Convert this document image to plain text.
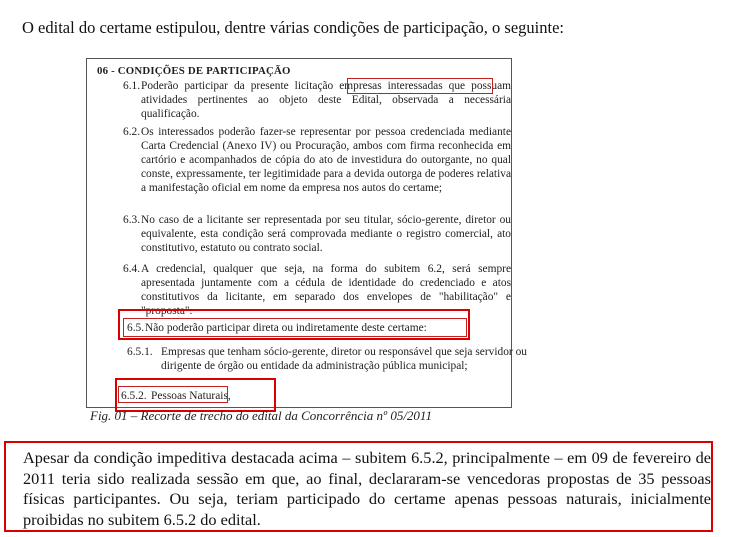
O edital do certame estipulou, dentre várias condições de participação, o seguinte:
06 - CONDIÇÕES DE PARTICIPAÇÃO
6.1. Poderão participar da presente licitação empresas interessadas que possuam atividades pertinentes ao objeto deste Edital, observada a necessária qualificação.
6.2. Os interessados poderão fazer-se representar por pessoa credenciada mediante Carta Credencial (Anexo IV) ou Procuração, ambos com firma reconhecida em cartório e acompanhados de cópia do ato de investidura do outorgante, no qual conste, expressamente, ter legitimidade para a devida outorga de poderes relativa a manifestação oficial em nome da empresa nos autos do certame;
6.3. No caso de a licitante ser representada por seu titular, sócio-gerente, diretor ou equivalente, esta condição será comprovada mediante o registro comercial, ato constitutivo, estatuto ou contrato social.
6.4. A credencial, qualquer que seja, na forma do subitem 6.2, será sempre apresentada juntamente com a cédula de identidade do credenciado e atos constitutivos da licitante, em separado dos envelopes de "habilitação" e "proposta".
6.5. Não poderão participar direta ou indiretamente deste certame:
6.5.1. Empresas que tenham sócio-gerente, diretor ou responsável que seja servidor ou dirigente de órgão ou entidade da administração pública municipal;
6.5.2. Pessoas Naturais,
Fig. 01 – Recorte de trecho do edital da Concorrência nº 05/2011
Apesar da condição impeditiva destacada acima – subitem 6.5.2, principalmente – em 09 de fevereiro de 2011 teria sido realizada sessão em que, ao final, declararam-se vencedoras propostas de 35 pessoas físicas participantes. Ou seja, teriam participado do certame apenas pessoas naturais, inicialmente proibidas no subitem 6.5.2 do edital.
